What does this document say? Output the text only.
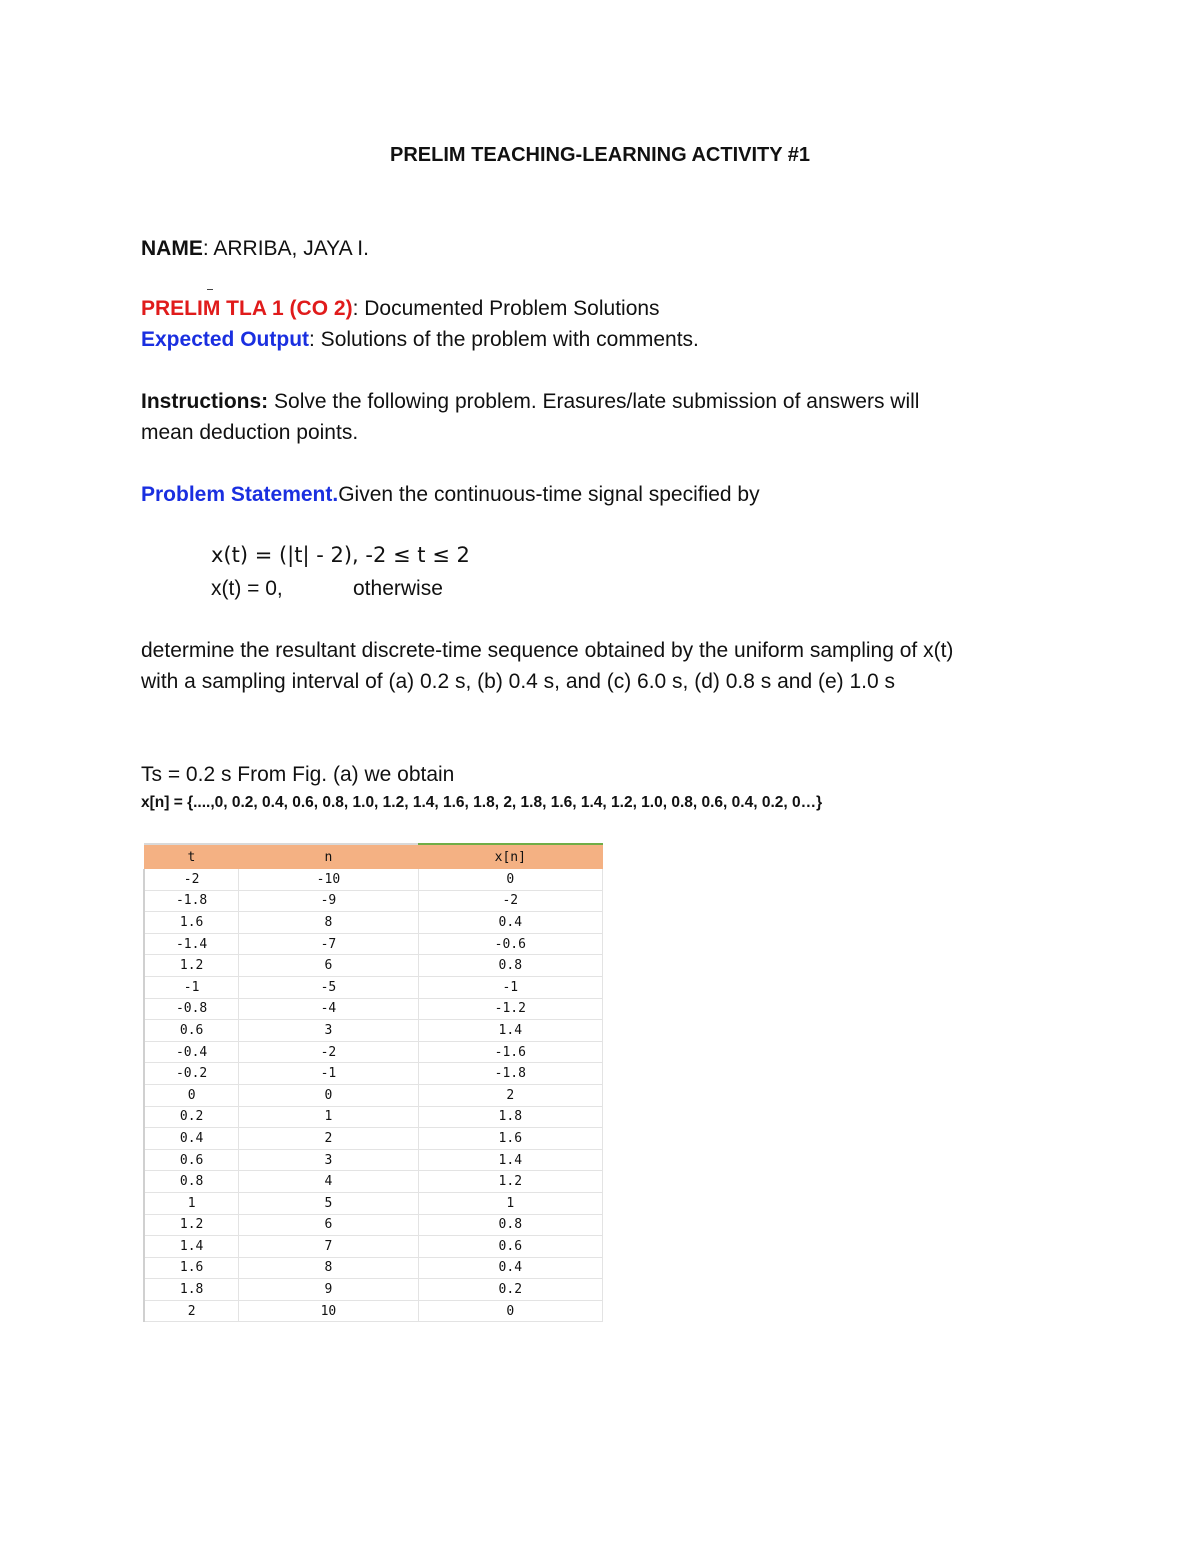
PRELIM TEACHING-LEARNING ACTIVITY #1
NAME: ARRIBA, JAYA I.
PRELIM TLA 1 (CO 2): Documented Problem Solutions
Expected Output: Solutions of the problem with comments.
Instructions: Solve the following problem. Erasures/late submission of answers will
mean deduction points.
Problem Statement.Given the continuous-time signal specified by
x(t) = (|t| - 2), -2 ≤ t ≤ 2
x(t) = 0,	otherwise
determine the resultant discrete-time sequence obtained by the uniform sampling of x(t)
with a sampling interval of (a) 0.2 s, (b) 0.4 s, and (c) 6.0 s, (d) 0.8 s and (e) 1.0 s
Ts = 0.2 s From Fig. (a) we obtain
x[n] = {....,0, 0.2, 0.4, 0.6, 0.8, 1.0, 1.2, 1.4, 1.6, 1.8, 2, 1.8, 1.6, 1.4, 1.2, 1.0, 0.8, 0.6, 0.4, 0.2, 0…}
t	n	x[n]
-2	-10	0
-1.8	-9	-2
1.6	8	0.4
-1.4	-7	-0.6
1.2	6	0.8
-1	-5	-1
-0.8	-4	-1.2
0.6	3	1.4
-0.4	-2	-1.6
-0.2	-1	-1.8
0	0	2
0.2	1	1.8
0.4	2	1.6
0.6	3	1.4
0.8	4	1.2
1	5	1
1.2	6	0.8
1.4	7	0.6
1.6	8	0.4
1.8	9	0.2
2	10	0
